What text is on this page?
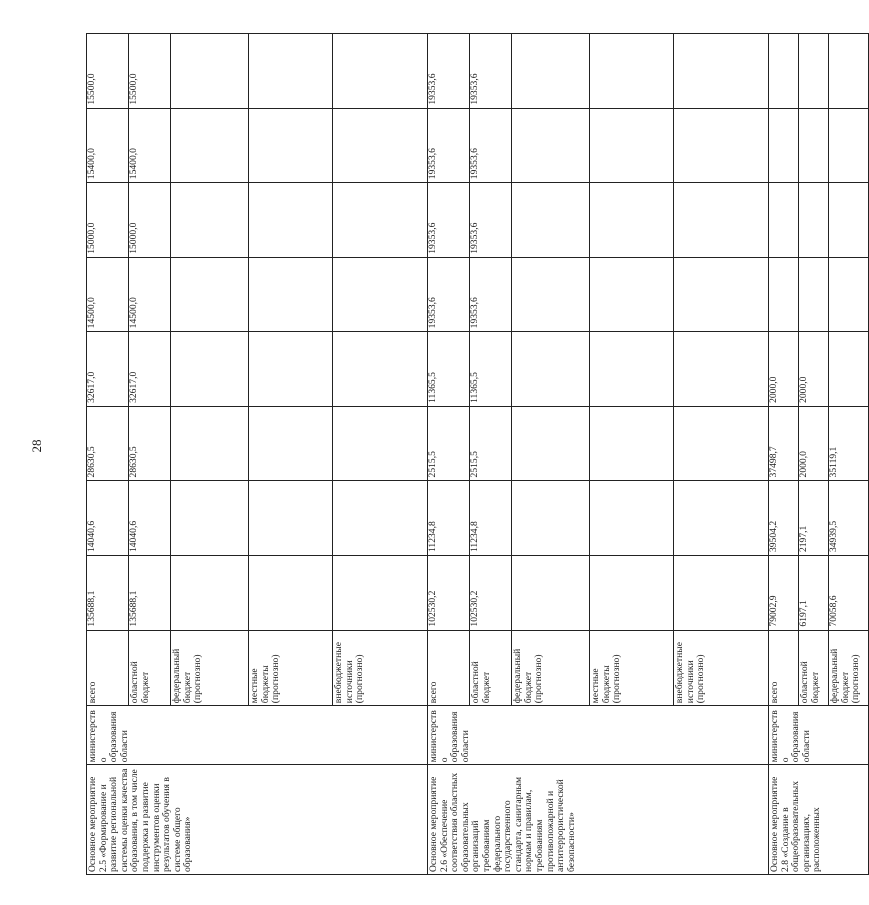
28
Основное мероприятие 2.5 «Формирование и развитие региональной системы оценки качества образования, в том числе поддержка и развитие инструментов оценки результатов обучения в системе общего образования»	министерство образования области	всего	135688,1	14040,6	28630,5	32617,0	14500,0	15000,0	15400,0	15500,0
		областной бюджет	135688,1	14040,6	28630,5	32617,0	14500,0	15000,0	15400,0	15500,0
		федеральный бюджет (прогнозно)								
		местные бюджеты (прогнозно)								
		внебюджетные источники (прогнозно)								
Основное мероприятие 2.6 «Обеспечение соответствия областных образовательных организаций требованиям федерального государственного стандарта, санитарным нормам и правилам, требованиям противопожарной и антитеррористической безопасности»	министерство образования области	всего	102530,2	11234,8	2515,5	11365,5	19353,6	19353,6	19353,6	19353,6
		областной бюджет	102530,2	11234,8	2515,5	11365,5	19353,6	19353,6	19353,6	19353,6
		федеральный бюджет (прогнозно)								
		местные бюджеты (прогнозно)								
		внебюджетные источники (прогнозно)								
Основное мероприятие 2.8 «Создание в общеобразовательных организациях, расположенных	министерство образования области	всего	79002,9	39504,2	37498,7	2000,0				
		областной бюджет	6197,1	2197,1	2000,0	2000,0				
		федеральный бюджет (прогнозно)	70058,6	34939,5	35119,1					
